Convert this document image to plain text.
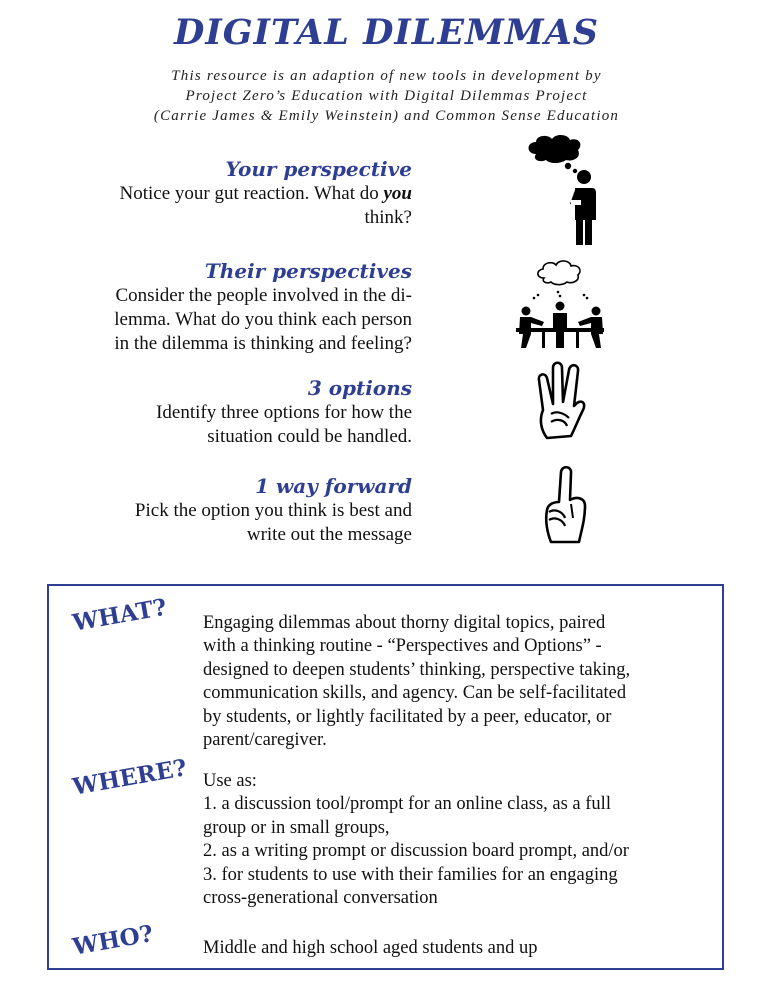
DIGITAL DILEMMAS
This resource is an adaption of new tools in development by
Project Zero’s Education with Digital Dilemmas Project
(Carrie James & Emily Weinstein) and Common Sense Education
Your perspective
Notice your gut reaction. What do you
think?
Their perspectives
Consider the people involved in the di-
lemma. What do you think each person
in the dilemma is thinking and feeling?
3 options
Identify three options for how the
situation could be handled.
1 way forward
Pick the option you think is best and
write out the message
WHAT? Engaging dilemmas about thorny digital topics, paired
with a thinking routine - “Perspectives and Options” -
designed to deepen students’ thinking, perspective taking,
communication skills, and agency. Can be self-facilitated
by students, or lightly facilitated by a peer, educator, or
parent/caregiver.
WHERE? Use as:
1. a discussion tool/prompt for an online class, as a full
group or in small groups,
2. as a writing prompt or discussion board prompt, and/or
3. for students to use with their families for an engaging
cross-generational conversation
WHO?	Middle and high school aged students and up
